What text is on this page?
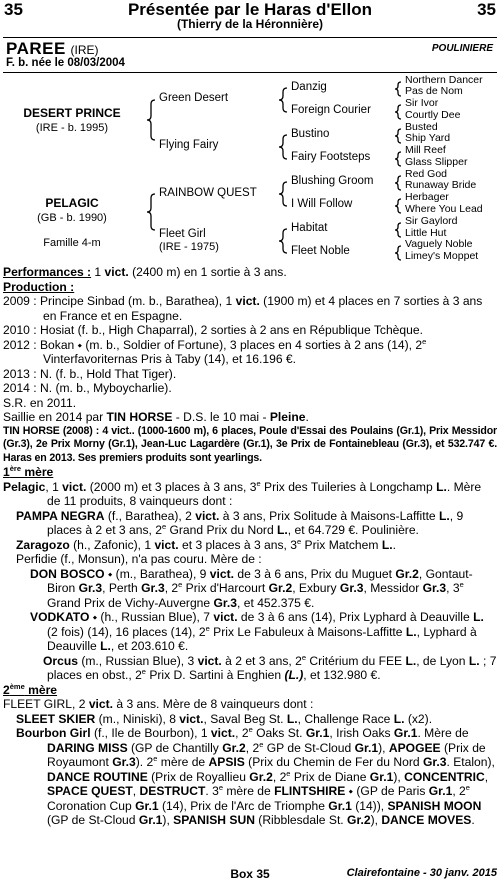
35	Présentée par le Haras d'Ellon	35
(Thierry de la Héronnière)
PAREE (IRE)	POULINIERE
F. b. née le 08/03/2004
DESERT PRINCE
(IRE - b. 1995)
PELAGIC
(GB - b. 1990)
Famille 4-m
Green Desert
Flying Fairy
RAINBOW QUEST
Fleet Girl
(IRE - 1975)
Danzig
Foreign Courier
Bustino
Fairy Footsteps
Blushing Groom
I Will Follow
Habitat
Fleet Noble
Northern Dancer
Pas de Nom
Sir Ivor
Courtly Dee
Busted
Ship Yard
Mill Reef
Glass Slipper
Red God
Runaway Bride
Herbager
Where You Lead
Sir Gaylord
Little Hut
Vaguely Noble
Limey's Moppet

Performances : 1 vict. (2400 m) en 1 sortie à 3 ans.

Production :

2009 : Principe Sinbad (m. b., Barathea), 1 vict. (1900 m) et 4 places en 7 sorties à 3 ans en France et en Espagne.

2010 : Hosiat (f. b., High Chaparral), 2 sorties à 2 ans en République Tchèque.

2012 : Bokan ⬩ (m. b., Soldier of Fortune), 3 places en 4 sorties à 2 ans (14), 2e Vinterfavoriternas Pris à Taby (14), et 16.196 €.

2013 : N. (f. b., Hold That Tiger).

2014 : N. (m. b., Myboycharlie).

S.R. en 2011.

Saillie en 2014 par TIN HORSE - D.S. le 10 mai - Pleine.

TIN HORSE (2008) : 4 vict.. (1000-1600 m), 6 places, Poule d'Essai des Poulains (Gr.1), Prix Messidor (Gr.3), 2e Prix Morny (Gr.1), Jean-Luc Lagardère (Gr.1), 3e Prix de Fontainebleau (Gr.3), et 532.747 €. Haras en 2013. Ses premiers produits sont yearlings.

1ère mère

Pelagic, 1 vict. (2000 m) et 3 places à 3 ans, 3e Prix des Tuileries à Longchamp L.. Mère de 11 produits, 8 vainqueurs dont :

PAMPA NEGRA (f., Barathea), 2 vict. à 3 ans, Prix Solitude à Maisons-Laffitte L., 9 places à 2 et 3 ans, 2e Grand Prix du Nord L., et 64.729 €. Poulinière.

Zaragozo (h., Zafonic), 1 vict. et 3 places à 3 ans, 3e Prix Matchem L..

Perfidie (f., Monsun), n'a pas couru. Mère de :

DON BOSCO ⬩ (m., Barathea), 9 vict. de 3 à 6 ans, Prix du Muguet Gr.2, Gontaut-Biron Gr.3, Perth Gr.3, 2e Prix d'Harcourt Gr.2, Exbury Gr.3, Messidor Gr.3, 3e Grand Prix de Vichy-Auvergne Gr.3, et 452.375 €.

VODKATO ⬩ (h., Russian Blue), 7 vict. de 3 à 6 ans (14), Prix Lyphard à Deauville L. (2 fois) (14), 16 places (14), 2e Prix Le Fabuleux à Maisons-Laffitte L., Lyphard à Deauville L., et 203.610 €.

Orcus (m., Russian Blue), 3 vict. à 2 et 3 ans, 2e Critérium du FEE L., de Lyon L. ; 7 places en obst., 2e Prix D. Sartini à Enghien (L.), et 132.980 €.

2ème mère

FLEET GIRL, 2 vict. à 3 ans. Mère de 8 vainqueurs dont :

SLEET SKIER (m., Niniski), 8 vict., Saval Beg St. L., Challenge Race L. (x2).

Bourbon Girl (f., Ile de Bourbon), 1 vict., 2e Oaks St. Gr.1, Irish Oaks Gr.1. Mère de DARING MISS (GP de Chantilly Gr.2, 2e GP de St-Cloud Gr.1), APOGEE (Prix de Royaumont Gr.3). 2e mère de APSIS (Prix du Chemin de Fer du Nord Gr.3. Etalon), DANCE ROUTINE (Prix de Royallieu Gr.2, 2e Prix de Diane Gr.1), CONCENTRIC, SPACE QUEST, DESTRUCT. 3e mère de FLINTSHIRE ⬩ (GP de Paris Gr.1, 2e Coronation Cup Gr.1 (14), Prix de l'Arc de Triomphe Gr.1 (14)), SPANISH MOON (GP de St-Cloud Gr.1), SPANISH SUN (Ribblesdale St. Gr.2), DANCE MOVES.

Box 35	Clairefontaine - 30 janv. 2015
